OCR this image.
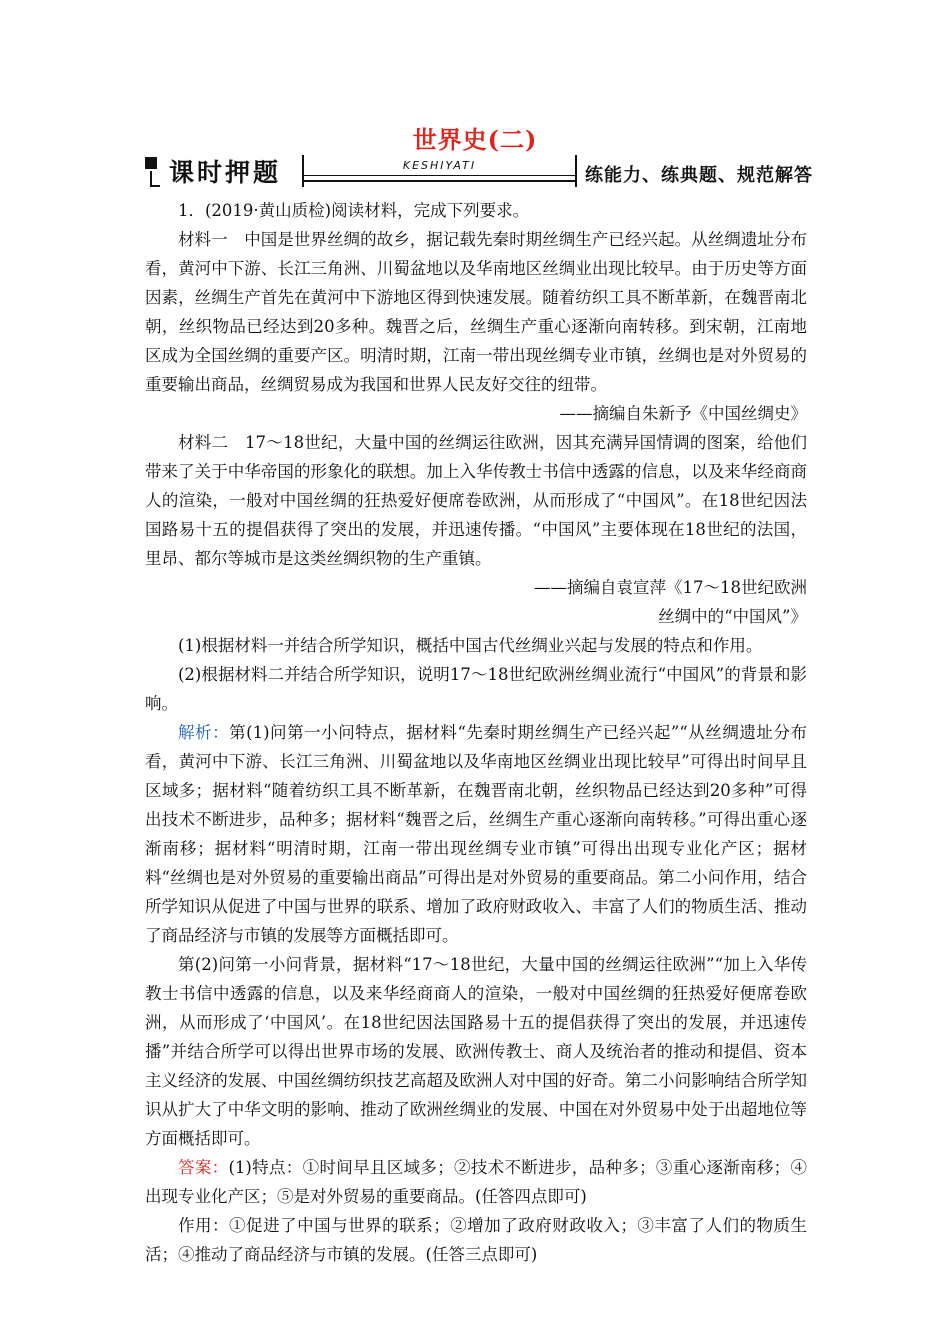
世界史(二)
课时押题	KESHIYATI	练能力、练典题、规范解答

1．(2019·黄山质检)阅读材料，完成下列要求。

材料一　中国是世界丝绸的故乡，据记载先秦时期丝绸生产已经兴起。从丝绸遗址分布看，黄河中下游、长江三角洲、川蜀盆地以及华南地区丝绸业出现比较早。由于历史等方面因素，丝绸生产首先在黄河中下游地区得到快速发展。随着纺织工具不断革新，在魏晋南北朝，丝织物品已经达到20多种。魏晋之后，丝绸生产重心逐渐向南转移。到宋朝，江南地区成为全国丝绸的重要产区。明清时期，江南一带出现丝绸专业市镇，丝绸也是对外贸易的重要输出商品，丝绸贸易成为我国和世界人民友好交往的纽带。

——摘编自朱新予《中国丝绸史》

材料二　17～18世纪，大量中国的丝绸运往欧洲，因其充满异国情调的图案，给他们带来了关于中华帝国的形象化的联想。加上入华传教士书信中透露的信息，以及来华经商商人的渲染，一般对中国丝绸的狂热爱好便席卷欧洲，从而形成了“中国风”。在18世纪因法国路易十五的提倡获得了突出的发展，并迅速传播。“中国风”主要体现在18世纪的法国，里昂、都尔等城市是这类丝绸织物的生产重镇。

——摘编自袁宣萍《17～18世纪欧洲

丝绸中的“中国风”》

(1)根据材料一并结合所学知识，概括中国古代丝绸业兴起与发展的特点和作用。

(2)根据材料二并结合所学知识，说明17～18世纪欧洲丝绸业流行“中国风”的背景和影响。

解析：第(1)问第一小问特点，据材料“先秦时期丝绸生产已经兴起”“从丝绸遗址分布看，黄河中下游、长江三角洲、川蜀盆地以及华南地区丝绸业出现比较早”可得出时间早且区域多；据材料“随着纺织工具不断革新，在魏晋南北朝，丝织物品已经达到20多种”可得出技术不断进步，品种多；据材料“魏晋之后，丝绸生产重心逐渐向南转移。”可得出重心逐渐南移；据材料“明清时期，江南一带出现丝绸专业市镇”可得出出现专业化产区；据材料“丝绸也是对外贸易的重要输出商品”可得出是对外贸易的重要商品。第二小问作用，结合所学知识从促进了中国与世界的联系、增加了政府财政收入、丰富了人们的物质生活、推动了商品经济与市镇的发展等方面概括即可。

第(2)问第一小问背景，据材料“17～18世纪，大量中国的丝绸运往欧洲”“加上入华传教士书信中透露的信息，以及来华经商商人的渲染，一般对中国丝绸的狂热爱好便席卷欧洲，从而形成了‘中国风’。在18世纪因法国路易十五的提倡获得了突出的发展，并迅速传播”并结合所学可以得出世界市场的发展、欧洲传教士、商人及统治者的推动和提倡、资本主义经济的发展、中国丝绸纺织技艺高超及欧洲人对中国的好奇。第二小问影响结合所学知识从扩大了中华文明的影响、推动了欧洲丝绸业的发展、中国在对外贸易中处于出超地位等方面概括即可。

答案：(1)特点：①时间早且区域多；②技术不断进步，品种多；③重心逐渐南移；④出现专业化产区；⑤是对外贸易的重要商品。(任答四点即可)

作用：①促进了中国与世界的联系；②增加了政府财政收入；③丰富了人们的物质生活；④推动了商品经济与市镇的发展。(任答三点即可)
